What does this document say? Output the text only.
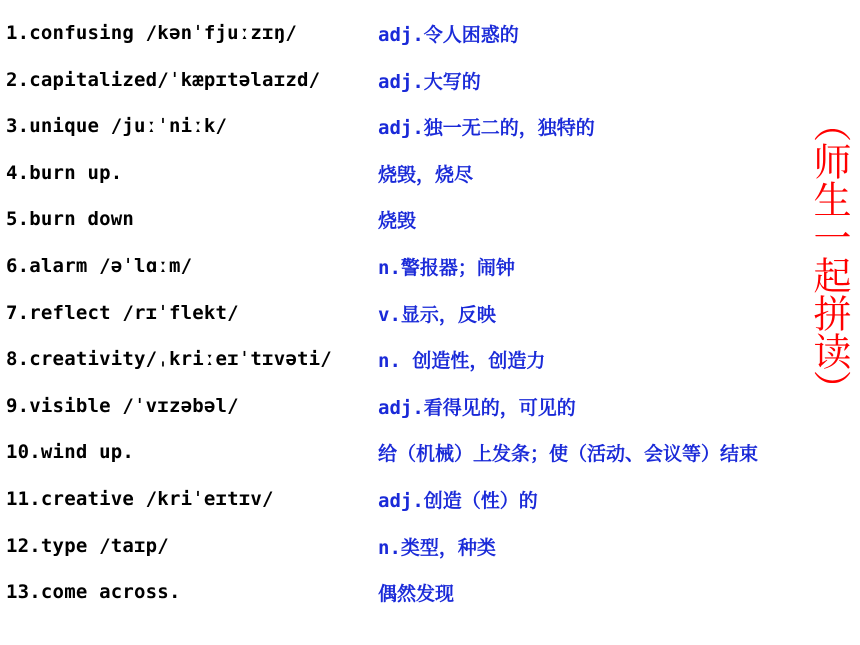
1.confusing /kənˈfjuːzɪŋ/	adj.令人困惑的
2.capitalized/ˈkæpɪtəlaɪzd/	adj.大写的
3.unique /juːˈniːk/	adj.独一无二的，独特的
4.burn up.	烧毁，烧尽
5.burn down	烧毁
6.alarm /əˈlɑːm/	n.警报器；闹钟
7.reflect /rɪˈflekt/	v.显示，反映
8.creativity/ˌkriːeɪˈtɪvəti/ n. 创造性，创造力
9.visible /ˈvɪzəbəl/	adj.看得见的，可见的
10.wind up.	给（机械）上发条；使（活动、会议等）结束
11.creative /kriˈeɪtɪv/	adj.创造（性）的
12.type /taɪp/	n.类型，种类
13.come across.	偶然发现
（师生一起拼读）
